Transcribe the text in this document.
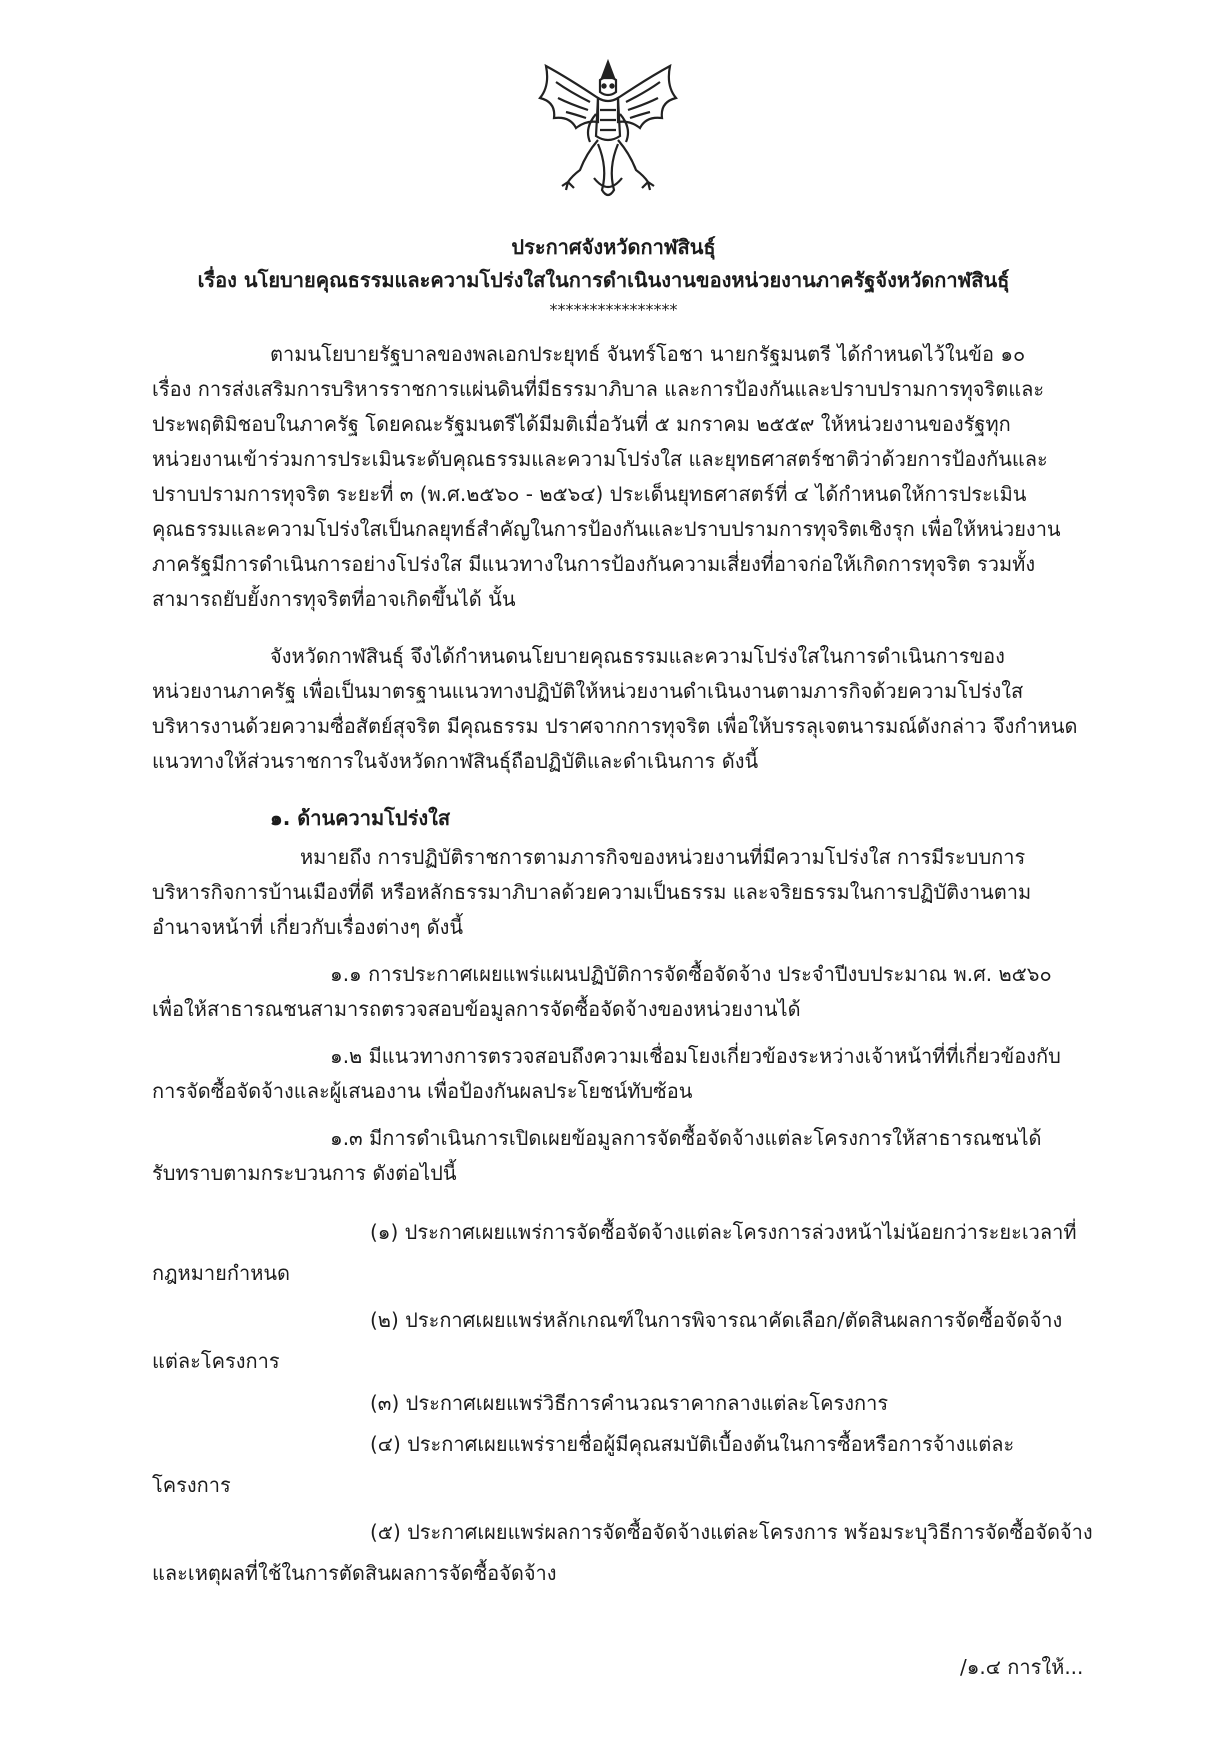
ประกาศจังหวัดกาฬสินธุ์
เรื่อง นโยบายคุณธรรมและความโปร่งใสในการดำเนินงานของหน่วยงานภาครัฐจังหวัดกาฬสินธุ์
****************
ตามนโยบายรัฐบาลของพลเอกประยุทธ์ จันทร์โอชา นายกรัฐมนตรี ได้กำหนดไว้ในข้อ ๑๐
เรื่อง การส่งเสริมการบริหารราชการแผ่นดินที่มีธรรมาภิบาล และการป้องกันและปราบปรามการทุจริตและ
ประพฤติมิชอบในภาครัฐ โดยคณะรัฐมนตรีได้มีมติเมื่อวันที่ ๕ มกราคม ๒๕๕๙ ให้หน่วยงานของรัฐทุก
หน่วยงานเข้าร่วมการประเมินระดับคุณธรรมและความโปร่งใส และยุทธศาสตร์ชาติว่าด้วยการป้องกันและ
ปราบปรามการทุจริต ระยะที่ ๓ (พ.ศ.๒๕๖๐ - ๒๕๖๔) ประเด็นยุทธศาสตร์ที่ ๔ ได้กำหนดให้การประเมิน
คุณธรรมและความโปร่งใสเป็นกลยุทธ์สำคัญในการป้องกันและปราบปรามการทุจริตเชิงรุก เพื่อให้หน่วยงาน
ภาครัฐมีการดำเนินการอย่างโปร่งใส มีแนวทางในการป้องกันความเสี่ยงที่อาจก่อให้เกิดการทุจริต รวมทั้ง
สามารถยับยั้งการทุจริตที่อาจเกิดขึ้นได้ นั้น
จังหวัดกาฬสินธุ์ จึงได้กำหนดนโยบายคุณธรรมและความโปร่งใสในการดำเนินการของ
หน่วยงานภาครัฐ เพื่อเป็นมาตรฐานแนวทางปฏิบัติให้หน่วยงานดำเนินงานตามภารกิจด้วยความโปร่งใส
บริหารงานด้วยความซื่อสัตย์สุจริต มีคุณธรรม ปราศจากการทุจริต เพื่อให้บรรลุเจตนารมณ์ดังกล่าว จึงกำหนด
แนวทางให้ส่วนราชการในจังหวัดกาฬสินธุ์ถือปฏิบัติและดำเนินการ ดังนี้
๑. ด้านความโปร่งใส
หมายถึง การปฏิบัติราชการตามภารกิจของหน่วยงานที่มีความโปร่งใส การมีระบบการ
บริหารกิจการบ้านเมืองที่ดี หรือหลักธรรมาภิบาลด้วยความเป็นธรรม และจริยธรรมในการปฏิบัติงานตาม
อำนาจหน้าที่ เกี่ยวกับเรื่องต่างๆ ดังนี้
๑.๑ การประกาศเผยแพร่แผนปฏิบัติการจัดซื้อจัดจ้าง ประจำปีงบประมาณ พ.ศ. ๒๕๖๐
เพื่อให้สาธารณชนสามารถตรวจสอบข้อมูลการจัดซื้อจัดจ้างของหน่วยงานได้
๑.๒ มีแนวทางการตรวจสอบถึงความเชื่อมโยงเกี่ยวข้องระหว่างเจ้าหน้าที่ที่เกี่ยวข้องกับ
การจัดซื้อจัดจ้างและผู้เสนองาน เพื่อป้องกันผลประโยชน์ทับซ้อน
๑.๓ มีการดำเนินการเปิดเผยข้อมูลการจัดซื้อจัดจ้างแต่ละโครงการให้สาธารณชนได้
รับทราบตามกระบวนการ ดังต่อไปนี้
(๑) ประกาศเผยแพร่การจัดซื้อจัดจ้างแต่ละโครงการล่วงหน้าไม่น้อยกว่าระยะเวลาที่
กฎหมายกำหนด
(๒) ประกาศเผยแพร่หลักเกณฑ์ในการพิจารณาคัดเลือก/ตัดสินผลการจัดซื้อจัดจ้าง
แต่ละโครงการ
(๓) ประกาศเผยแพร่วิธีการคำนวณราคากลางแต่ละโครงการ
(๔) ประกาศเผยแพร่รายชื่อผู้มีคุณสมบัติเบื้องต้นในการซื้อหรือการจ้างแต่ละ
โครงการ
(๕) ประกาศเผยแพร่ผลการจัดซื้อจัดจ้างแต่ละโครงการ พร้อมระบุวิธีการจัดซื้อจัดจ้าง
และเหตุผลที่ใช้ในการตัดสินผลการจัดซื้อจัดจ้าง
/๑.๔ การให้...
